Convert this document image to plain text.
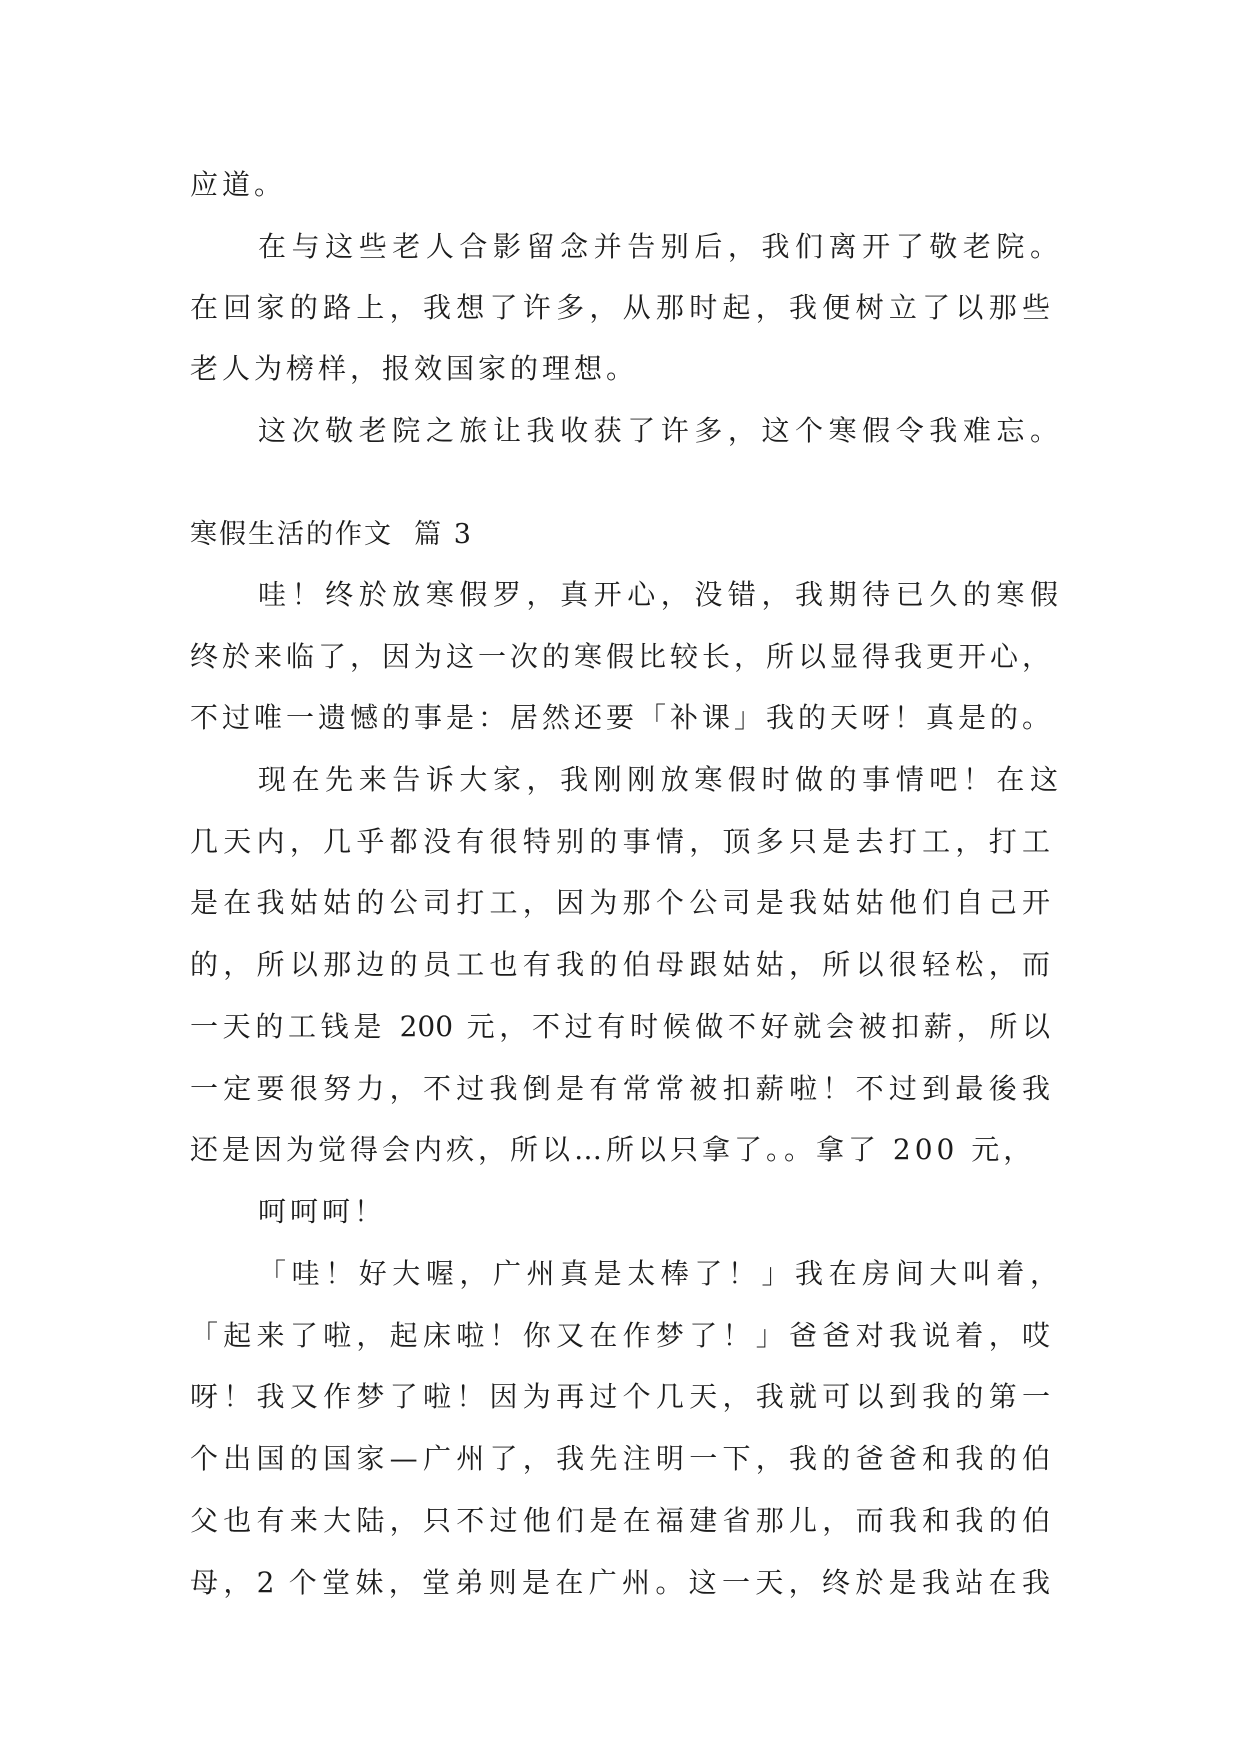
应道。
在与这些老人合影留念并告别后，我们离开了敬老院。
在回家的路上，我想了许多，从那时起，我便树立了以那些
老人为榜样，报效国家的理想。
这次敬老院之旅让我收获了许多，这个寒假令我难忘。
寒假生活的作文  篇 3
哇！终於放寒假罗，真开心，没错，我期待已久的寒假
终於来临了，因为这一次的寒假比较长，所以显得我更开心，
不过唯一遗憾的事是：居然还要「补课」我的天呀！真是的。
现在先来告诉大家，我刚刚放寒假时做的事情吧！在这
几天内，几乎都没有很特别的事情，顶多只是去打工，打工
是在我姑姑的公司打工，因为那个公司是我姑姑他们自己开
的，所以那边的员工也有我的伯母跟姑姑，所以很轻松，而
一天的工钱是 200 元，不过有时候做不好就会被扣薪，所以
一定要很努力，不过我倒是有常常被扣薪啦！不过到最後我
还是因为觉得会内疚，所以…所以只拿了。。拿了 200 元，
呵呵呵！
「哇！好大喔，广州真是太棒了！」我在房间大叫着，
「起来了啦，起床啦！你又在作梦了！」爸爸对我说着，哎
呀！我又作梦了啦！因为再过个几天，我就可以到我的第一
个出国的国家—广州了，我先注明一下，我的爸爸和我的伯
父也有来大陆，只不过他们是在福建省那儿，而我和我的伯
母，2 个堂妹，堂弟则是在广州。这一天，终於是我站在我
